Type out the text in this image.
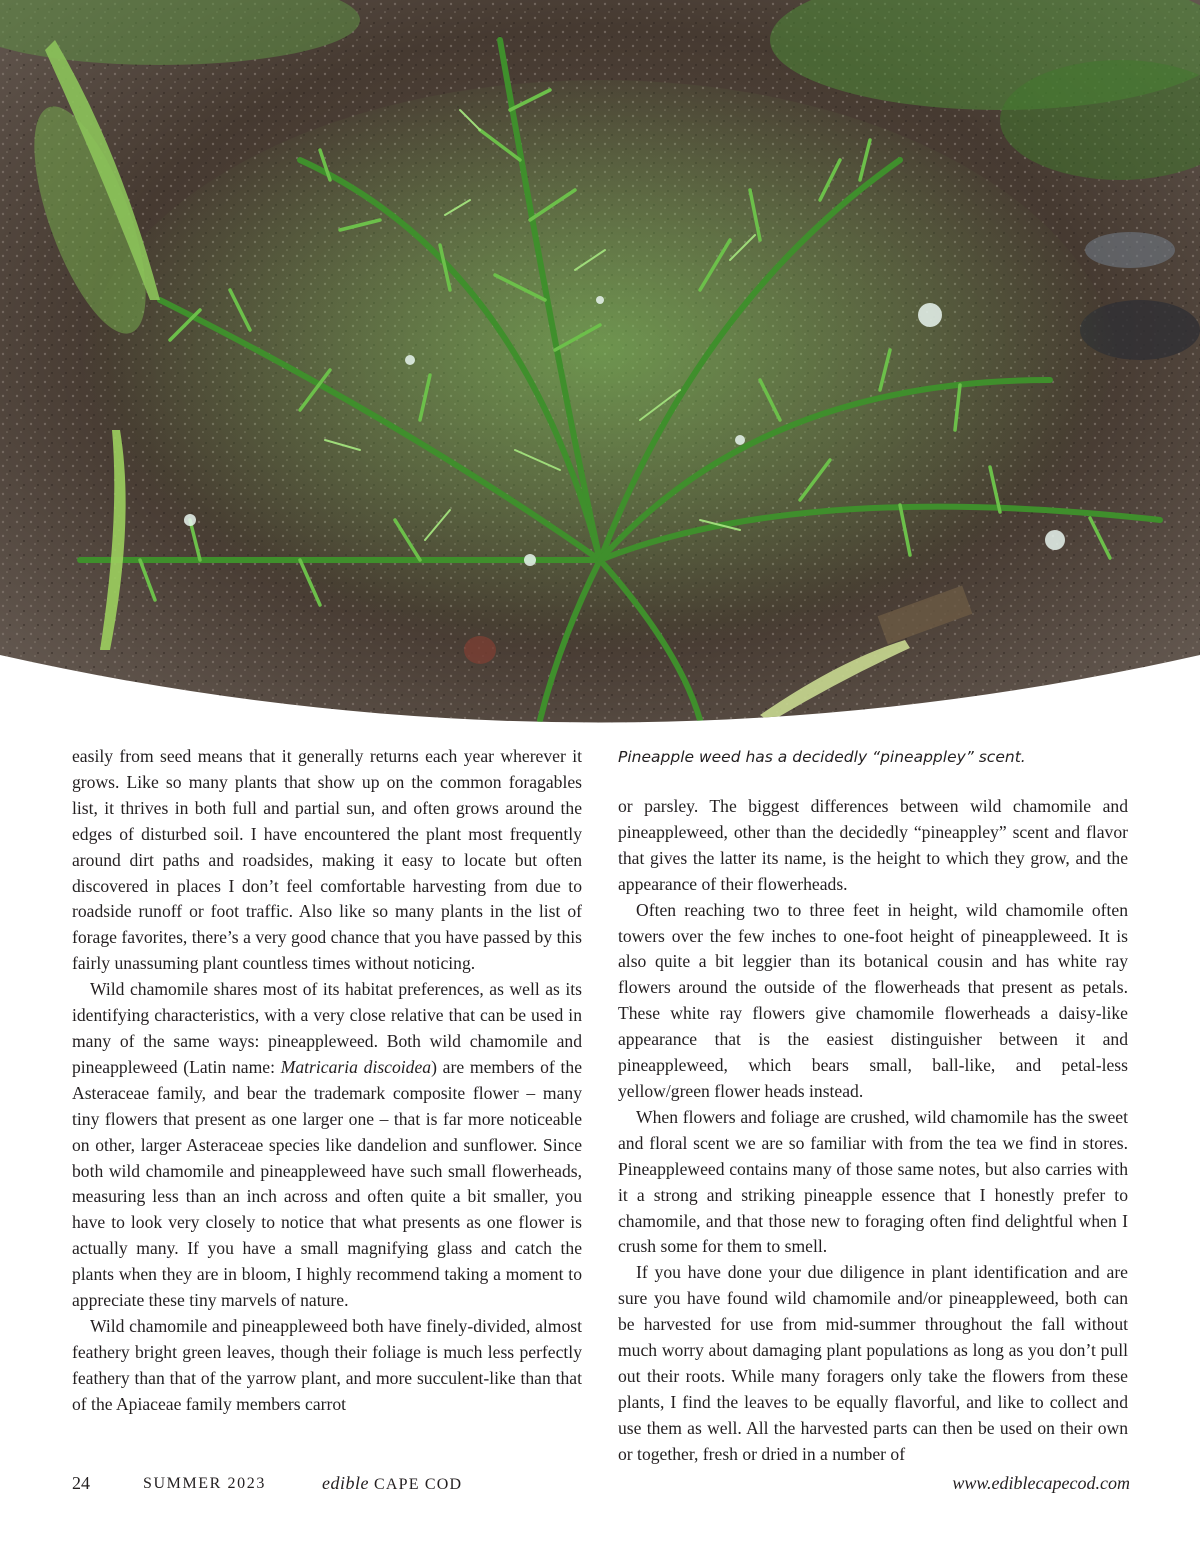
easily from seed means that it generally returns each year wherever it grows. Like so many plants that show up on the common foragables list, it thrives in both full and partial sun, and often grows around the edges of disturbed soil. I have encountered the plant most frequently around dirt paths and roadsides, making it easy to locate but often discovered in places I don’t feel comfortable harvesting from due to roadside runoff or foot traffic. Also like so many plants in the list of forage favorites, there’s a very good chance that you have passed by this fairly unassuming plant countless times without noticing.

Wild chamomile shares most of its habitat preferences, as well as its identifying characteristics, with a very close relative that can be used in many of the same ways: pineappleweed. Both wild chamomile and pineappleweed (Latin name: Matricaria discoidea) are members of the Asteraceae family, and bear the trademark composite flower – many tiny flowers that present as one larger one – that is far more noticeable on other, larger Asteraceae species like dandelion and sunflower. Since both wild chamomile and pineappleweed have such small flowerheads, measuring less than an inch across and often quite a bit smaller, you have to look very closely to notice that what presents as one flower is actually many. If you have a small magnifying glass and catch the plants when they are in bloom, I highly recommend taking a moment to appreciate these tiny marvels of nature.

Wild chamomile and pineappleweed both have finely-divided, almost feathery bright green leaves, though their foliage is much less perfectly feathery than that of the yarrow plant, and more succulent-like than that of the Apiaceae family members carrot

Pineapple weed has a decidedly “pineappley” scent.

or parsley. The biggest differences between wild chamomile and pineappleweed, other than the decidedly “pineappley” scent and flavor that gives the latter its name, is the height to which they grow, and the appearance of their flowerheads.

Often reaching two to three feet in height, wild chamomile often towers over the few inches to one-foot height of pineappleweed. It is also quite a bit leggier than its botanical cousin and has white ray flowers around the outside of the flowerheads that present as petals. These white ray flowers give chamomile flowerheads a daisy-like appearance that is the easiest distinguisher between it and pineappleweed, which bears small, ball-like, and petal-less yellow/green flower heads instead.

When flowers and foliage are crushed, wild chamomile has the sweet and floral scent we are so familiar with from the tea we find in stores. Pineappleweed contains many of those same notes, but also carries with it a strong and striking pineapple essence that I honestly prefer to chamomile, and that those new to foraging often find delightful when I crush some for them to smell.

If you have done your due diligence in plant identification and are sure you have found wild chamomile and/or pineappleweed, both can be harvested for use from mid-summer throughout the fall without much worry about damaging plant populations as long as you don’t pull out their roots. While many foragers only take the flowers from these plants, I find the leaves to be equally flavorful, and like to collect and use them as well. All the harvested parts can then be used on their own or together, fresh or dried in a number of

24	SUMMER 2023	edible CAPE COD	www.ediblecapecod.com
